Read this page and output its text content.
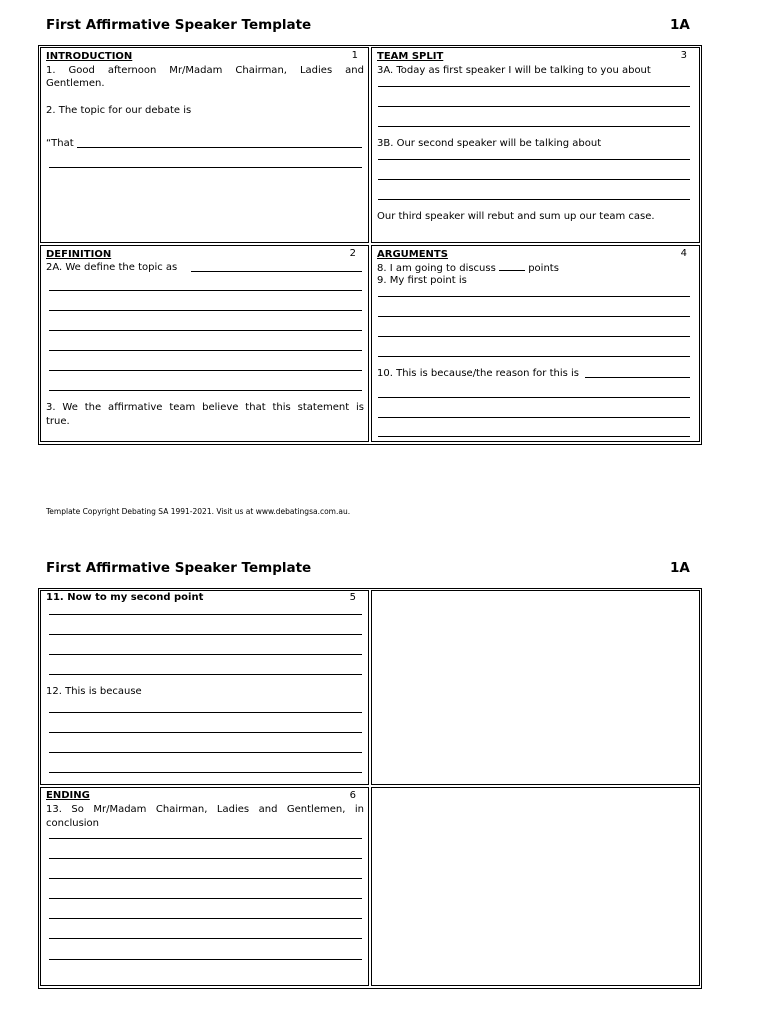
First Affirmative Speaker Template	1A
INTRODUCTION	1
1. Good afternoon Mr/Madam Chairman, Ladies and
Gentlemen.
2. The topic for our debate is
“That
TEAM SPLIT	3
3A. Today as first speaker I will be talking to you about
3B. Our second speaker will be talking about
Our third speaker will rebut and sum up our team case.
DEFINITION	2
2A. We define the topic as
3. We the affirmative team believe that this statement is
true.
ARGUMENTS	4
8. I am going to discuss	points
9. My first point is
10. This is because/the reason for this is
Template Copyright Debating SA 1991-2021. Visit us at www.debatingsa.com.au.
First Affirmative Speaker Template	1A
11. Now to my second point	5
12. This is because
ENDING	6
13. So Mr/Madam Chairman, Ladies and Gentlemen, in
conclusion
